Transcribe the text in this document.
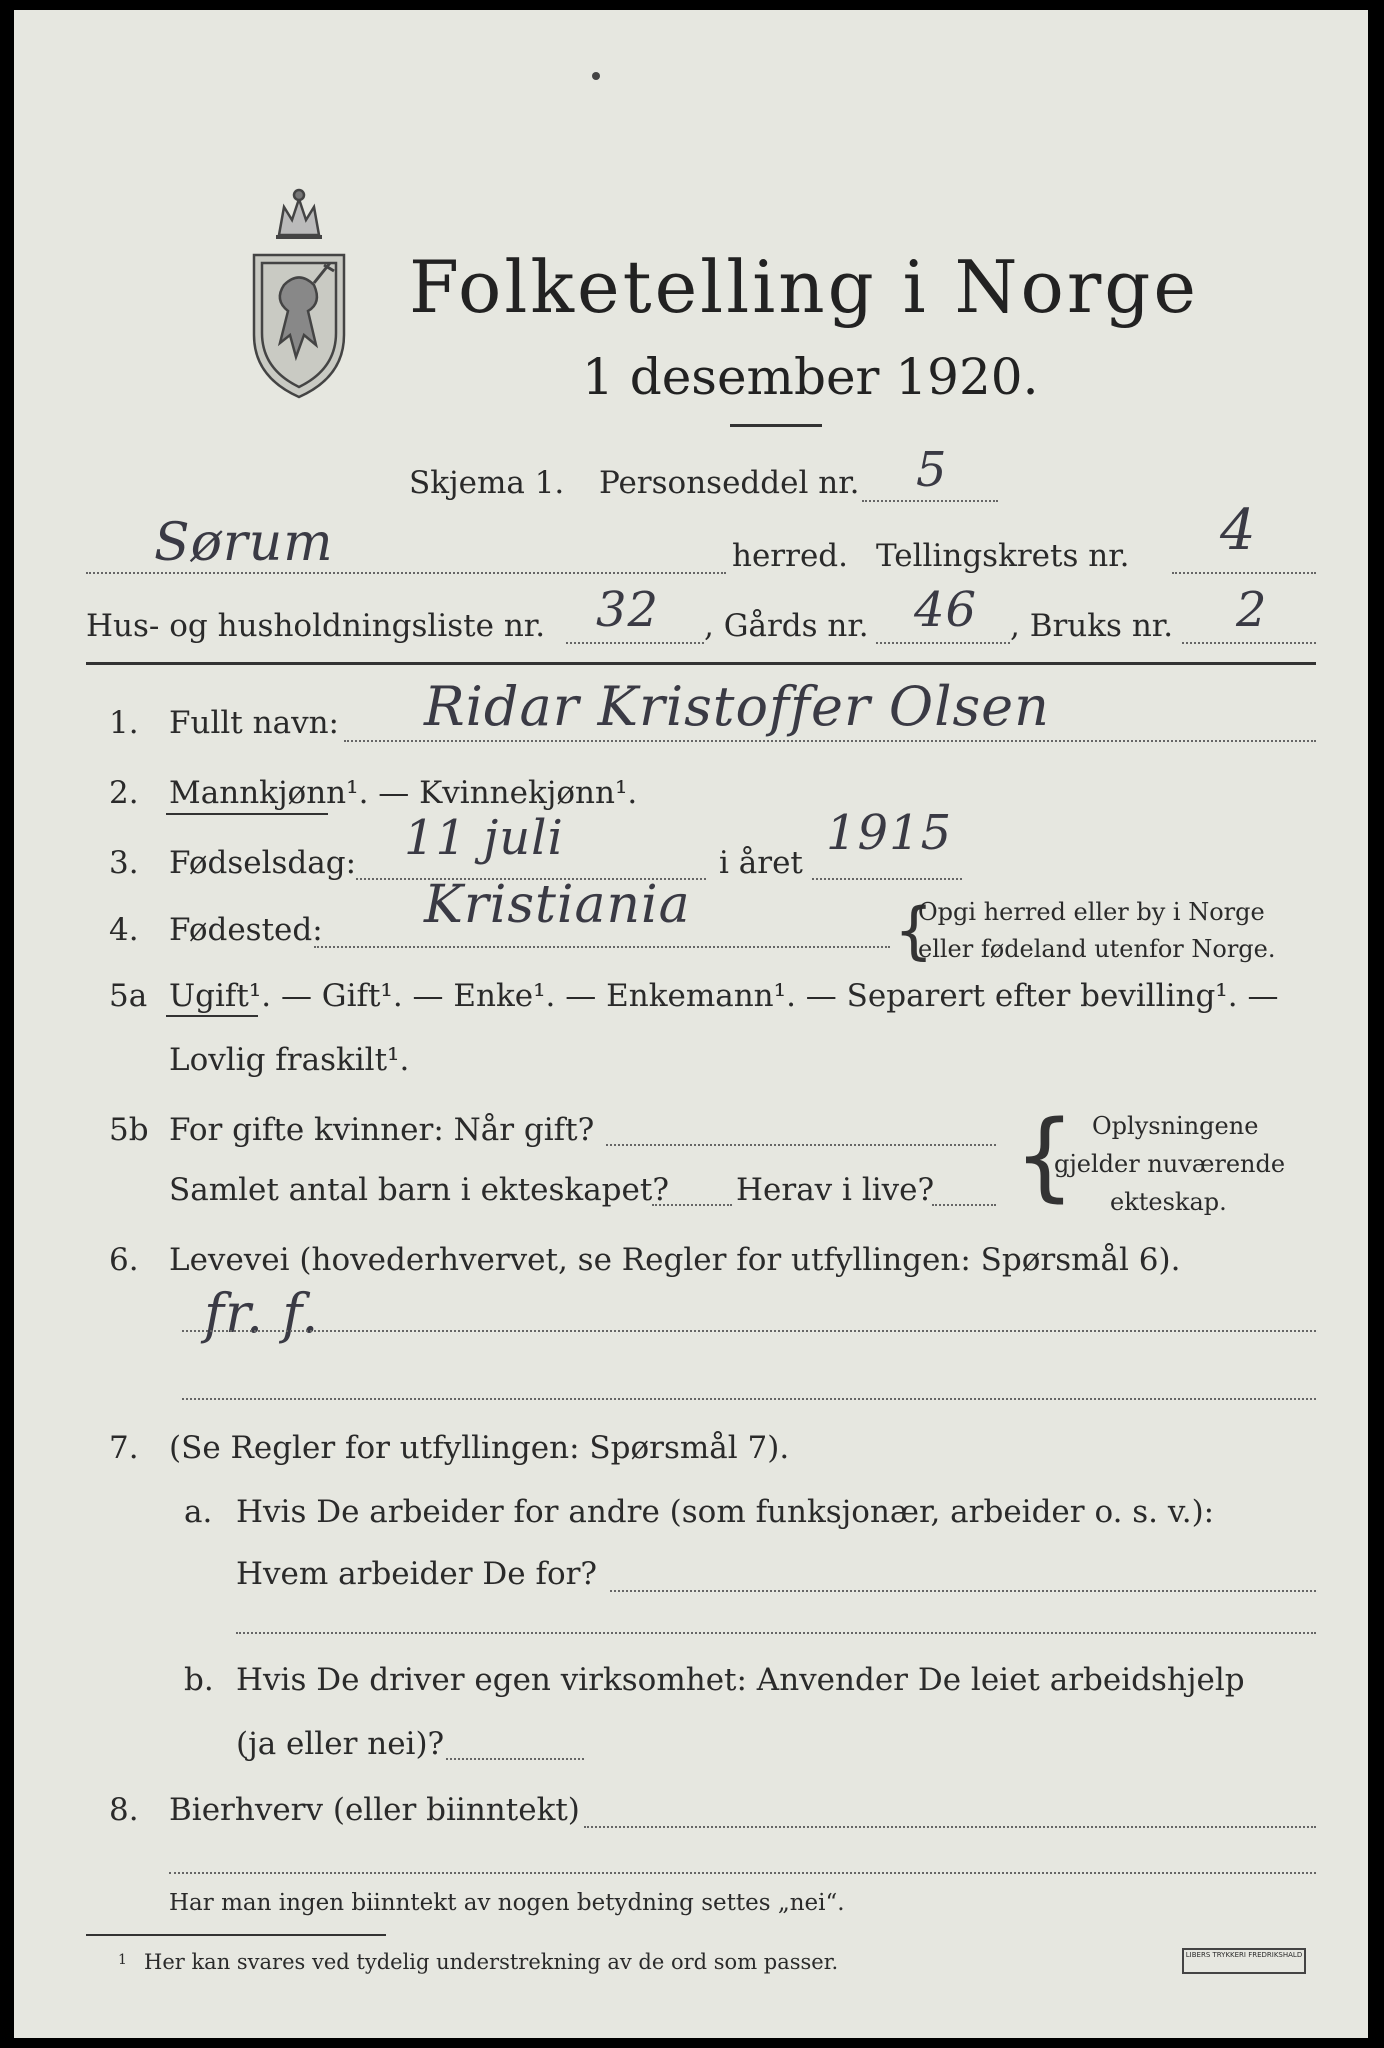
Folketelling i Norge
1 desember 1920.
Skjema 1. Personseddel nr. 5
Sørum	herred. Tellingskrets nr. 4
Hus- og husholdningsliste nr. 32 , Gårds nr. 46 , Bruks nr. 2
1. Fullt navn: Ridar Kristoffer Olsen
2. Mannkjønn¹. — Kvinnekjønn¹.
3. Fødselsdag: 11 juli	i året
1915
4. Fødested: Kristiania	{
Opgi herred eller by i Norge
eller fødeland utenfor Norge.
5a Ugift¹. — Gift¹. — Enke¹. — Enkemann¹. — Separert efter bevilling¹. —
Lovlig fraskilt¹.
5b For gifte kvinner: Når gift?
Samlet antal barn i ekteskapet? Herav i live? { Oplysningene
gjelder nuværende
ekteskap.
6. Levevei (hovederhvervet, se Regler for utfyllingen: Spørsmål 6).
fr. f.
7. (Se Regler for utfyllingen: Spørsmål 7).
a. Hvis De arbeider for andre (som funksjonær, arbeider o. s. v.):
Hvem arbeider De for?
b. Hvis De driver egen virksomhet: Anvender De leiet arbeidshjelp
(ja eller nei)?
8. Bierhverv (eller biinntekt)
Har man ingen biinntekt av nogen betydning settes „nei“.
1 Her kan svares ved tydelig understrekning av de ord som passer.	LIBERS TRYKKERI FREDRIKSHALD
